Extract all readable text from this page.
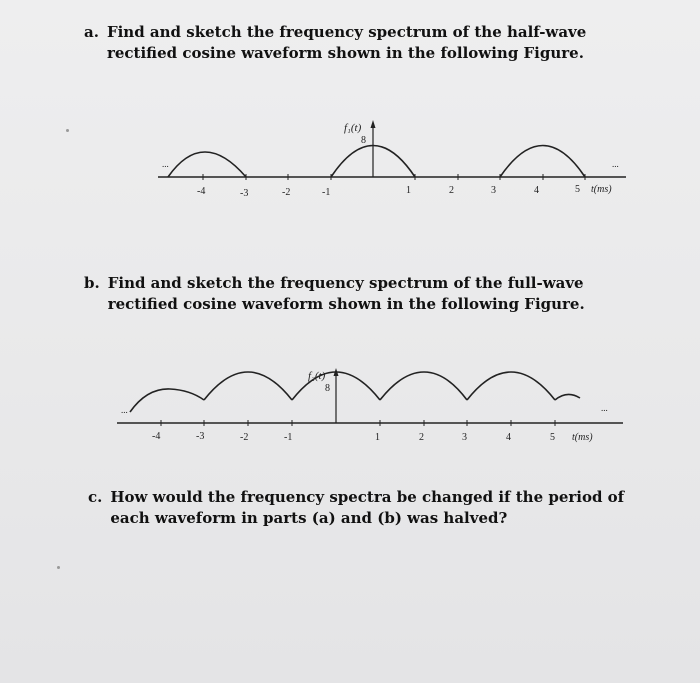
a. Find and sketch the frequency spectrum of the half-wave rectified cosine waveform shown in the following Figure.
f₁(t)
8
...	...
-4	-3	-2	-1	1	2	3	4	5 t(ms)
b. Find and sketch the frequency spectrum of the full-wave rectified cosine waveform shown in the following Figure.
f₂(t)
8
...	...
-4	-3	-2	-1	1	2	3	4	5 t(ms)
c. How would the frequency spectra be changed if the period of each waveform in parts (a) and (b) was halved?
